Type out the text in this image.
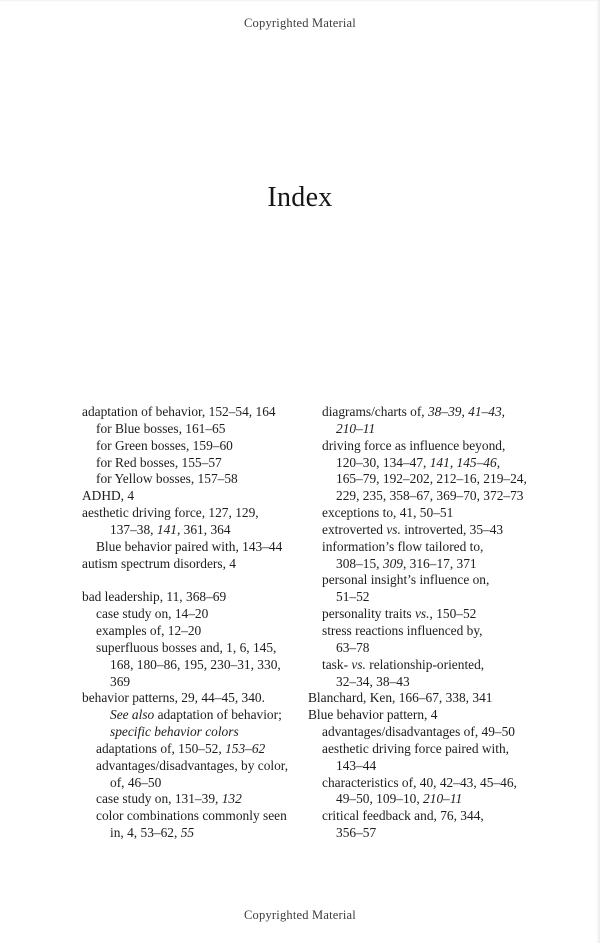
Copyrighted Material
Index
adaptation of behavior, 152–54, 164
for Blue bosses, 161–65
for Green bosses, 159–60
for Red bosses, 155–57
for Yellow bosses, 157–58
ADHD, 4
aesthetic driving force, 127, 129,
137–38, 141, 361, 364
Blue behavior paired with, 143–44
autism spectrum disorders, 4
bad leadership, 11, 368–69
case study on, 14–20
examples of, 12–20
superfluous bosses and, 1, 6, 145,
168, 180–86, 195, 230–31, 330,
369
behavior patterns, 29, 44–45, 340.
See also adaptation of behavior;
specific behavior colors
adaptations of, 150–52, 153–62
advantages/disadvantages, by color,
of, 46–50
case study on, 131–39, 132
color combinations commonly seen
in, 4, 53–62, 55
diagrams/charts of, 38–39, 41–43,
210–11
driving force as influence beyond,
120–30, 134–47, 141, 145–46,
165–79, 192–202, 212–16, 219–24,
229, 235, 358–67, 369–70, 372–73
exceptions to, 41, 50–51
extroverted vs. introverted, 35–43
information’s flow tailored to,
308–15, 309, 316–17, 371
personal insight’s influence on,
51–52
personality traits vs., 150–52
stress reactions influenced by,
63–78
task- vs. relationship-oriented,
32–34, 38–43
Blanchard, Ken, 166–67, 338, 341
Blue behavior pattern, 4
advantages/disadvantages of, 49–50
aesthetic driving force paired with,
143–44
characteristics of, 40, 42–43, 45–46,
49–50, 109–10, 210–11
critical feedback and, 76, 344,
356–57
Copyrighted Material
